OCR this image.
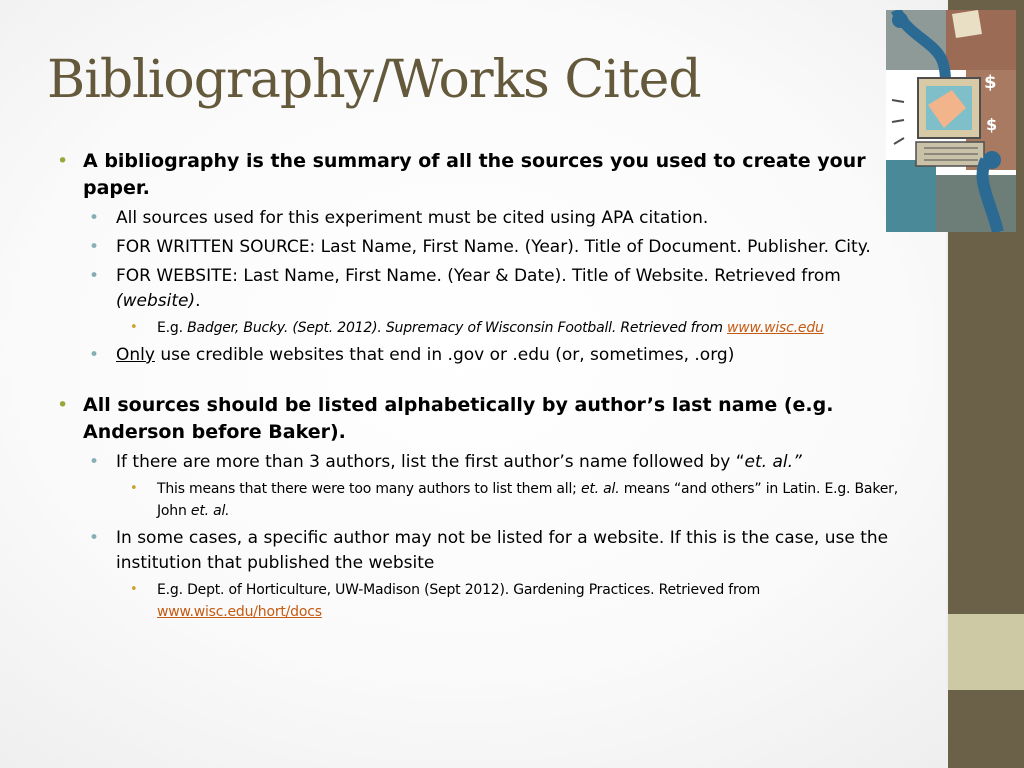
Bibliography/Works Cited	$
$
• A bibliography is the summary of all the sources you used to create your paper.
• All sources used for this experiment must be cited using APA citation.
• FOR WRITTEN SOURCE: Last Name, First Name. (Year). Title of Document. Publisher. City.
• FOR WEBSITE: Last Name, First Name. (Year & Date). Title of Website. Retrieved from (website).
• E.g. Badger, Bucky. (Sept. 2012). Supremacy of Wisconsin Football. Retrieved from www.wisc.edu
• Only use credible websites that end in .gov or .edu (or, sometimes, .org)
• All sources should be listed alphabetically by author’s last name (e.g. Anderson before Baker).
• If there are more than 3 authors, list the first author’s name followed by “et. al.”
• This means that there were too many authors to list them all; et. al. means “and others” in Latin. E.g. Baker, John et. al.
• In some cases, a specific author may not be listed for a website. If this is the case, use the institution that published the website
• E.g. Dept. of Horticulture, UW-Madison (Sept 2012). Gardening Practices. Retrieved from www.wisc.edu/hort/docs
